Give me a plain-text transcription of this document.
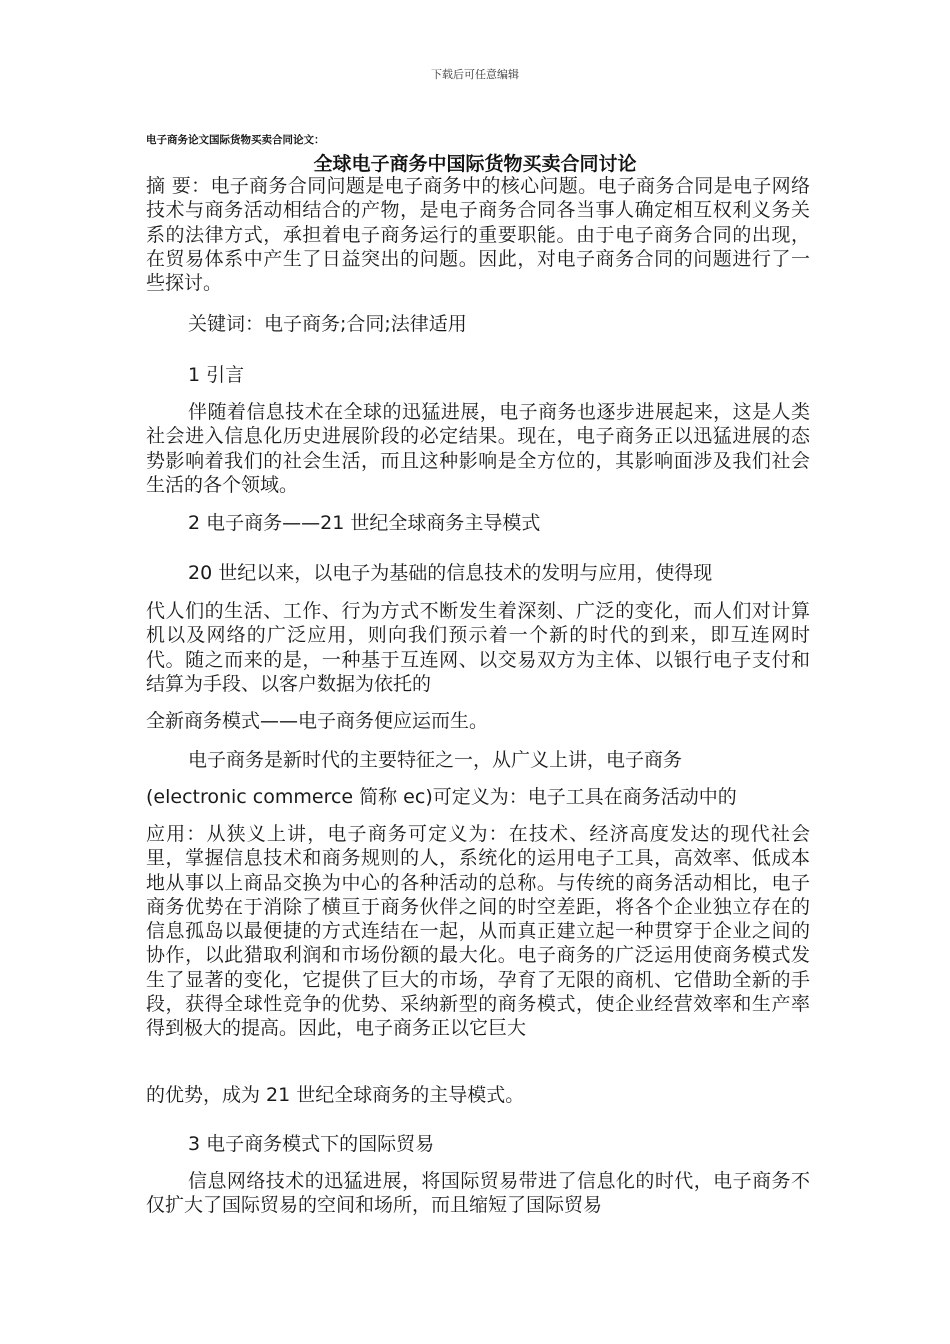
下载后可任意编辑
电子商务论文国际货物买卖合同论文：
全球电子商务中国际货物买卖合同讨论

摘 要：电子商务合同问题是电子商务中的核心问题。电子商务合同是电子网络技术与商务活动相结合的产物，是电子商务合同各当事人确定相互权利义务关系的法律方式，承担着电子商务运行的重要职能。由于电子商务合同的出现，在贸易体系中产生了日益突出的问题。因此，对电子商务合同的问题进行了一些探讨。

关键词：电子商务;合同;法律适用

1 引言

伴随着信息技术在全球的迅猛进展，电子商务也逐步进展起来，这是人类社会进入信息化历史进展阶段的必定结果。现在，电子商务正以迅猛进展的态势影响着我们的社会生活，而且这种影响是全方位的，其影响面涉及我们社会生活的各个领域。

2 电子商务——21 世纪全球商务主导模式

20 世纪以来，以电子为基础的信息技术的发明与应用，使得现

代人们的生活、工作、行为方式不断发生着深刻、广泛的变化，而人们对计算机以及网络的广泛应用，则向我们预示着一个新的时代的到来，即互连网时代。随之而来的是，一种基于互连网、以交易双方为主体、以银行电子支付和结算为手段、以客户数据为依托的

全新商务模式——电子商务便应运而生。

电子商务是新时代的主要特征之一，从广义上讲，电子商务

(electronic commerce 简称 ec)可定义为：电子工具在商务活动中的

应用：从狭义上讲，电子商务可定义为：在技术、经济高度发达的现代社会里，掌握信息技术和商务规则的人，系统化的运用电子工具，高效率、低成本地从事以上商品交换为中心的各种活动的总称。与传统的商务活动相比，电子商务优势在于消除了横亘于商务伙伴之间的时空差距，将各个企业独立存在的信息孤岛以最便捷的方式连结在一起，从而真正建立起一种贯穿于企业之间的协作，以此猎取利润和市场份额的最大化。电子商务的广泛运用使商务模式发生了显著的变化，它提供了巨大的市场，孕育了无限的商机、它借助全新的手段，获得全球性竞争的优势、采纳新型的商务模式，使企业经营效率和生产率得到极大的提高。因此，电子商务正以它巨大

的优势，成为 21 世纪全球商务的主导模式。

3 电子商务模式下的国际贸易

信息网络技术的迅猛进展，将国际贸易带进了信息化的时代，电子商务不仅扩大了国际贸易的空间和场所，而且缩短了国际贸易
